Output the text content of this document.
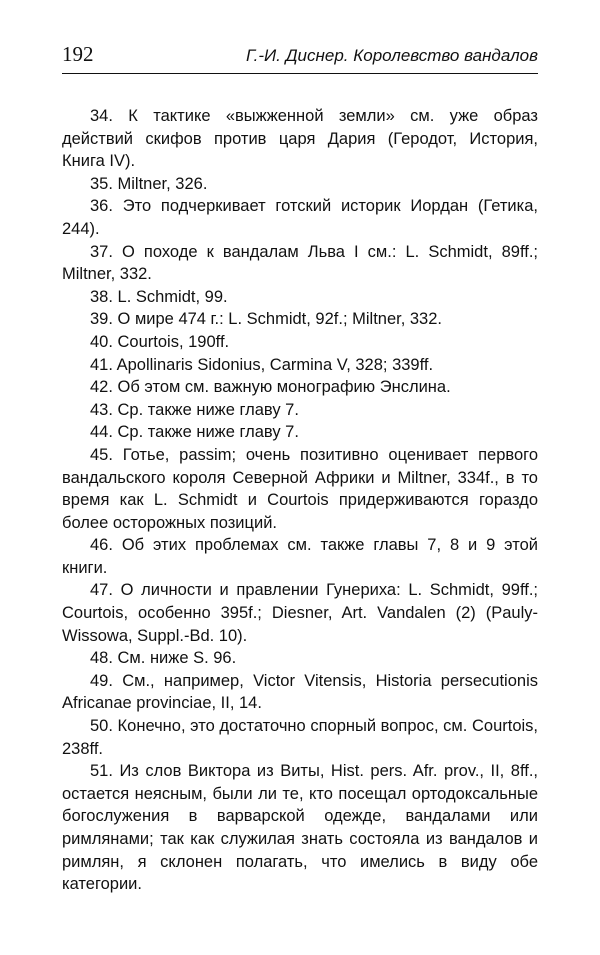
192	Г.-И. Диснер. Королевство вандалов

34. К тактике «выжженной земли» см. уже образ действий скифов против царя Дария (Геродот, История, Книга IV).

35. Miltner, 326.

36. Это подчеркивает готский историк Иордан (Гетика, 244).

37. О походе к вандалам Льва I см.: L. Schmidt, 89ff.; Miltner, 332.

38. L. Schmidt, 99.

39. О мире 474 г.: L. Schmidt, 92f.; Miltner, 332.

40. Courtois, 190ff.

41. Apollinaris Sidonius, Carmina V, 328; 339ff.

42. Об этом см. важную монографию Энслина.

43. Ср. также ниже главу 7.

44. Ср. также ниже главу 7.

45. Готье, passim; очень позитивно оценивает первого вандальского короля Северной Африки и Miltner, 334f., в то время как L. Schmidt и Courtois придерживаются гораздо более осторожных позиций.

46. Об этих проблемах см. также главы 7, 8 и 9 этой книги.

47. О личности и правлении Гунериха: L. Schmidt, 99ff.; Courtois, особенно 395f.; Diesner, Art. Vandalen (2) (Pauly-Wissowa, Suppl.-Bd. 10).

48. См. ниже S. 96.

49. См., например, Victor Vitensis, Historia persecutionis Africanae provinciae, II, 14.

50. Конечно, это достаточно спорный вопрос, см. Courtois, 238ff.

51. Из слов Виктора из Виты, Hist. pers. Afr. prov., II, 8ff., остается неясным, были ли те, кто посещал ортодоксальные богослужения в варварской одежде, вандалами или римлянами; так как служилая знать состояла из вандалов и римлян, я склонен полагать, что имелись в виду обе категории.
